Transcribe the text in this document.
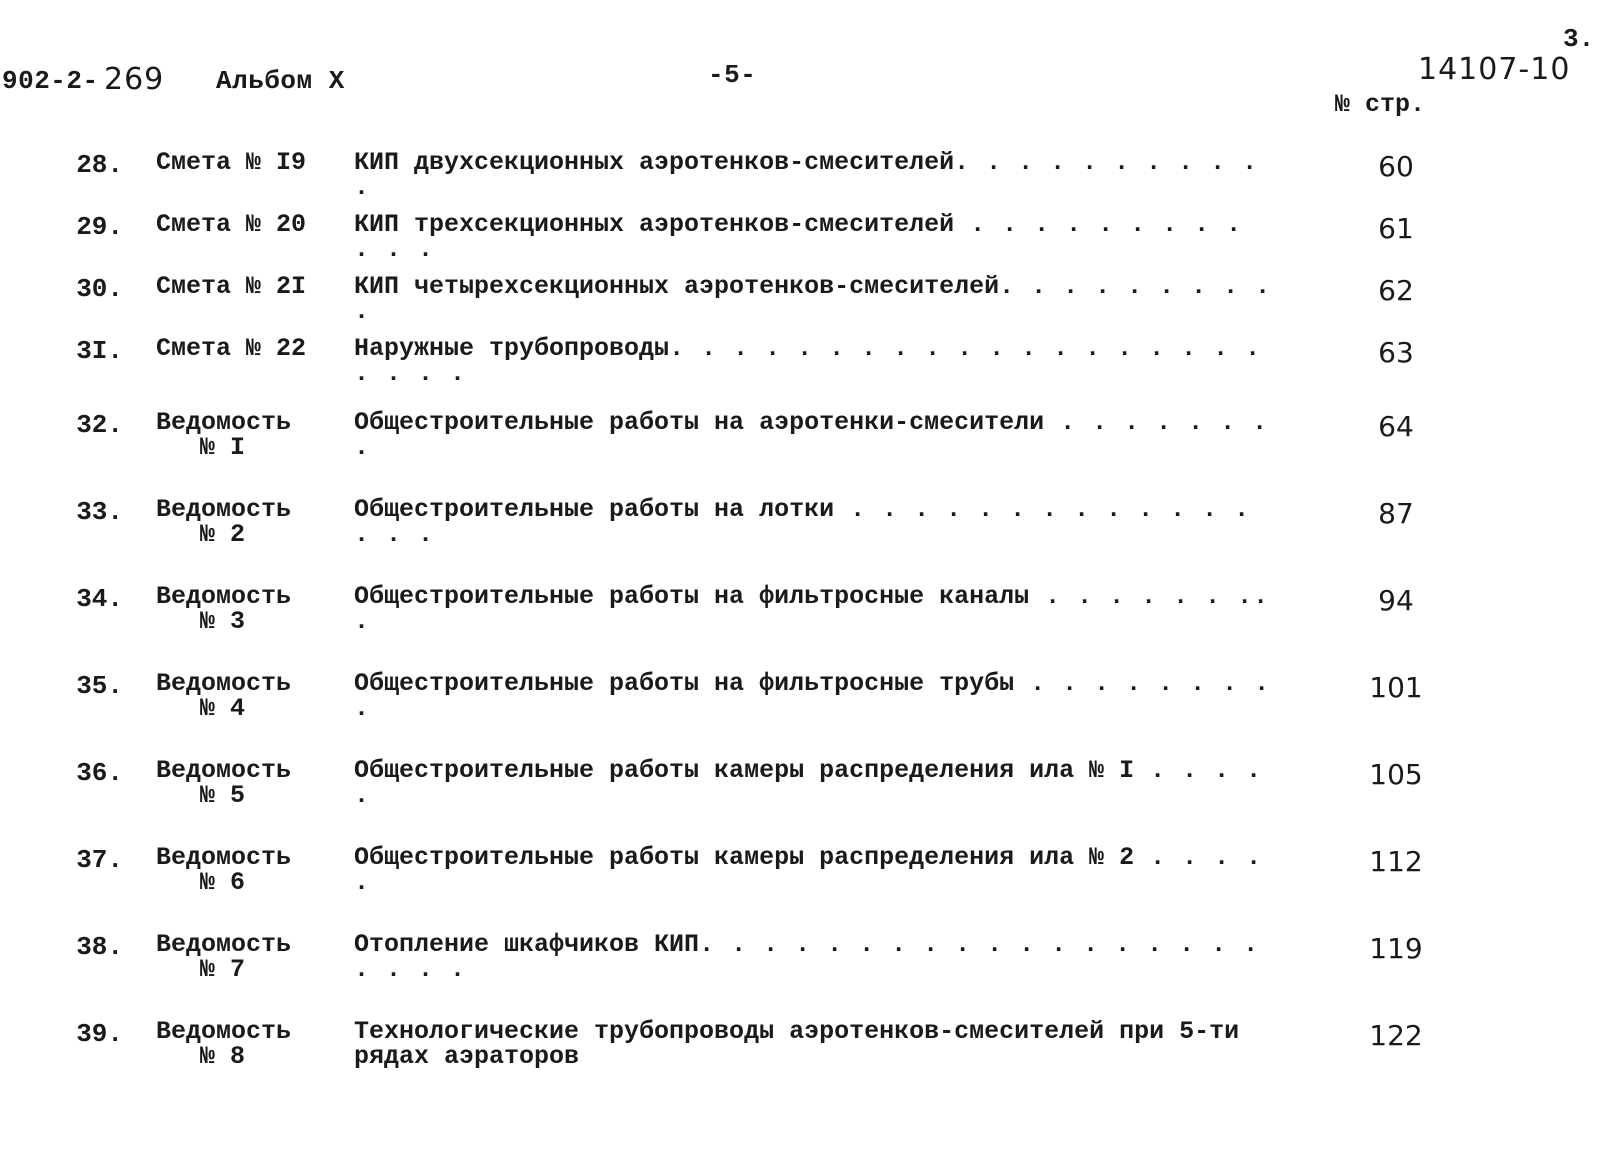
902-2- 269 Альбом X	-5-	14107-10
3.
№ стр.
28. Смета № I9 КИП двухсекционных аэротенков-смесителей. . . . . . . . . . .
60
29. Смета № 20 КИП трехсекционных аэротенков-смесителей . . . . . . . . . . . .
61
30. Смета № 2I КИП четырехсекционных аэротенков-смесителей. . . . . . . . . .
62
3I. Смета № 22 Наружные трубопроводы. . . . . . . . . . . . . . . . . . . . . . .
63
32. Ведомость
№ I
Общестроительные работы на аэротенки-смесители . . . . . . . .
64
33. Ведомость
№ 2
Общестроительные работы на лотки . . . . . . . . . . . . . . . .
87
34. Ведомость
№ 3
Общестроительные работы на фильтросные каналы . . . . . . .. .
94
35. Ведомость
№ 4
Общестроительные работы на фильтросные трубы . . . . . . . . .
101
36. Ведомость
№ 5
Общестроительные работы камеры распределения ила № I . . . . .
105
37. Ведомость
№ 6
Общестроительные работы камеры распределения ила № 2 . . . . .
112
38. Ведомость
№ 7
Отопление шкафчиков КИП. . . . . . . . . . . . . . . . . . . . . .
119
39. Ведомость
№ 8
Технологические трубопроводы аэротенков-смесителей при 5-ти рядах аэраторов
122
